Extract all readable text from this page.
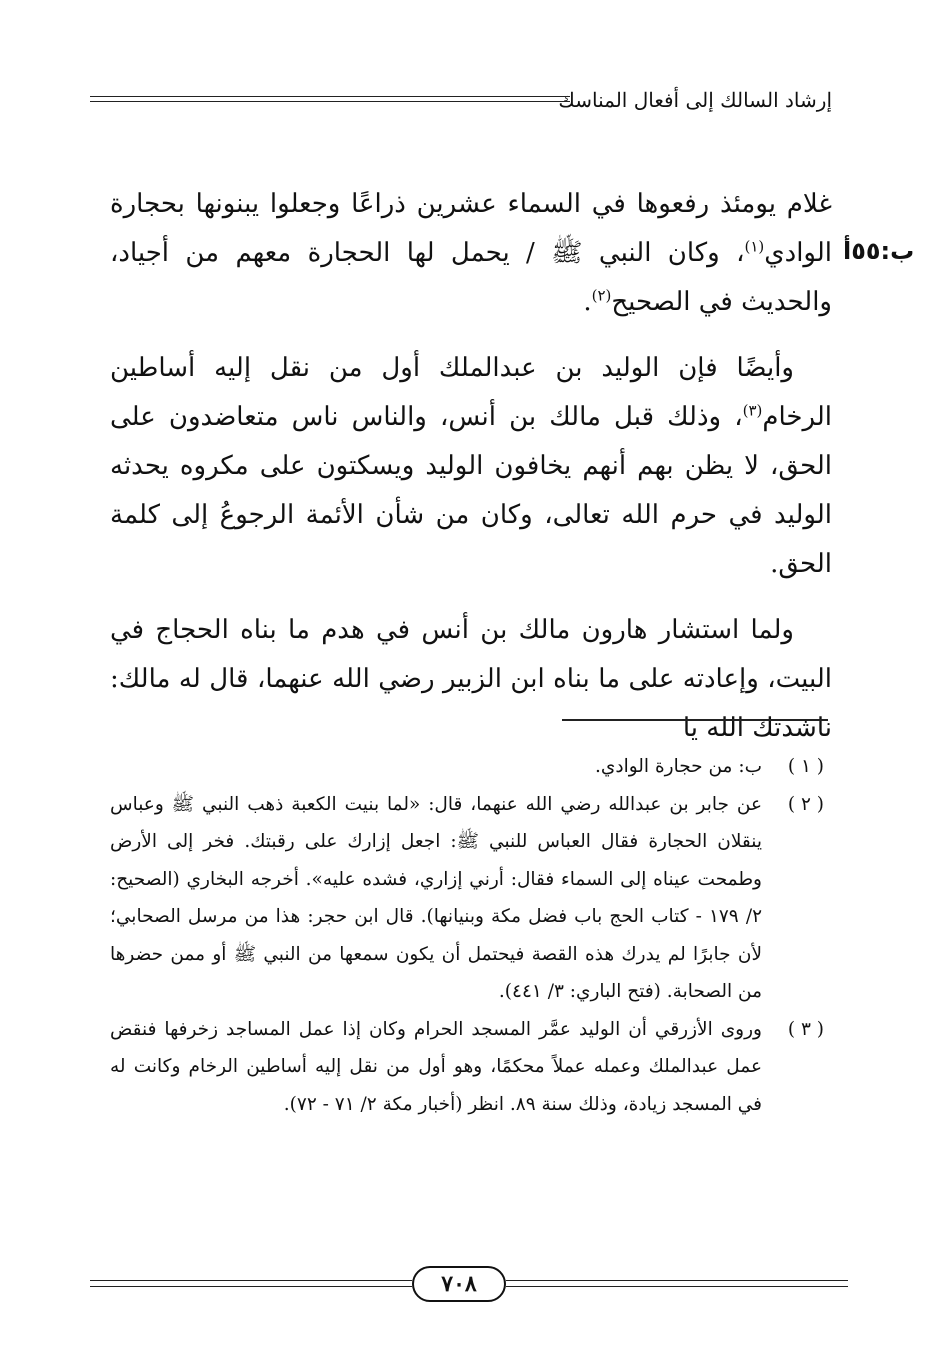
إرشاد السالك إلى أفعال المناسك
ب:٥٥أ

غلام يومئذ رفعوها في السماء عشرين ذراعًا وجعلوا يبنونها بحجارة الوادي$^{(١)}$، وكان النبي ﷺ / يحمل لها الحجارة معهم من أجياد، والحديث في الصحيح$^{(٢)}$.

وأيضًا فإن الوليد بن عبدالملك أول من نقل إليه أساطين الرخام$^{(٣)}$، وذلك قبل مالك بن أنس، والناس ناس متعاضدون على الحق، لا يظن بهم أنهم يخافون الوليد ويسكتون على مكروه يحدثه الوليد في حرم الله تعالى، وكان من شأن الأئمة الرجوعُ إلى كلمة الحق.

ولما استشار هارون مالك بن أنس في هدم ما بناه الحجاج في البيت، وإعادته على ما بناه ابن الزبير رضي الله عنهما، قال له مالك: ناشدتك الله يا

( ١ )
ب: من حجارة الوادي.
( ٢ )
عن جابر بن عبدالله رضي الله عنهما، قال: «لما بنيت الكعبة ذهب النبي ﷺ وعباس ينقلان الحجارة فقال العباس للنبي ﷺ: اجعل إزارك على رقبتك. فخر إلى الأرض وطمحت عيناه إلى السماء فقال: أرني إزاري، فشده عليه». أخرجه البخاري (الصحيح: ٢/ ١٧٩ - كتاب الحج باب فضل مكة وبنيانها). قال ابن حجر: هذا من مرسل الصحابي؛ لأن جابرًا لم يدرك هذه القصة فيحتمل أن يكون سمعها من النبي ﷺ أو ممن حضرها من الصحابة. (فتح الباري: ٣/ ٤٤١).
( ٣ )
وروى الأزرقي أن الوليد عمَّر المسجد الحرام وكان إذا عمل المساجد زخرفها فنقض عمل عبدالملك وعمله عملاً محكمًا، وهو أول من نقل إليه أساطين الرخام وكانت له في المسجد زيادة، وذلك سنة ٨٩. انظر (أخبار مكة ٢/ ٧١ - ٧٢).
٧٠٨
